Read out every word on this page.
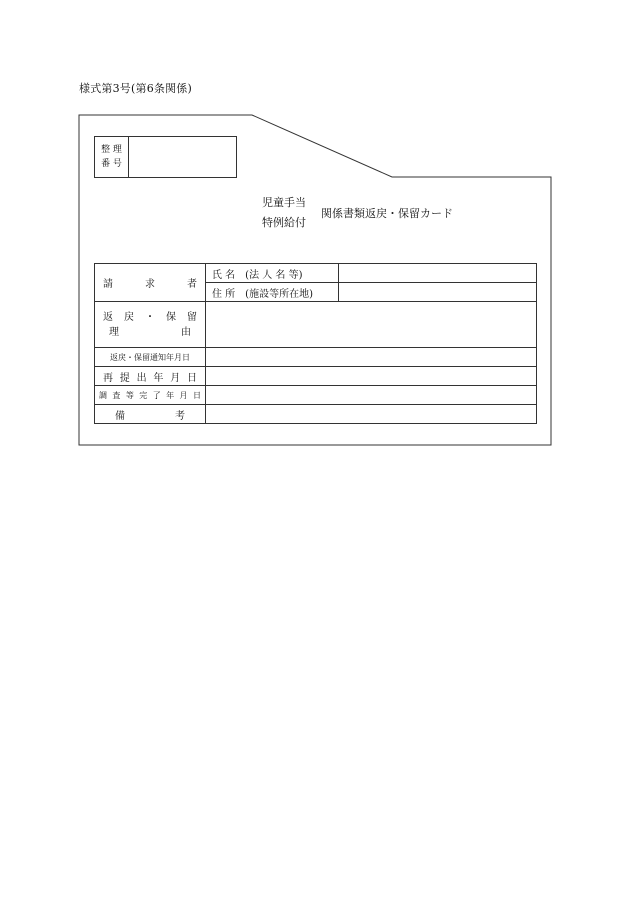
様式第3号(第6条関係)
整 理
番 号
児童手当
特例給付
関係書類返戻・保留カード
請 求 者	氏 名　(法 人 名 等)	
	住 所　(施設等所在地)	

返 戻 ・ 保 留
理 由		

返戻・保留通知年月日		
再 提 出 年 月 日		
調 査 等 完 了 年 月 日		
備 考		
